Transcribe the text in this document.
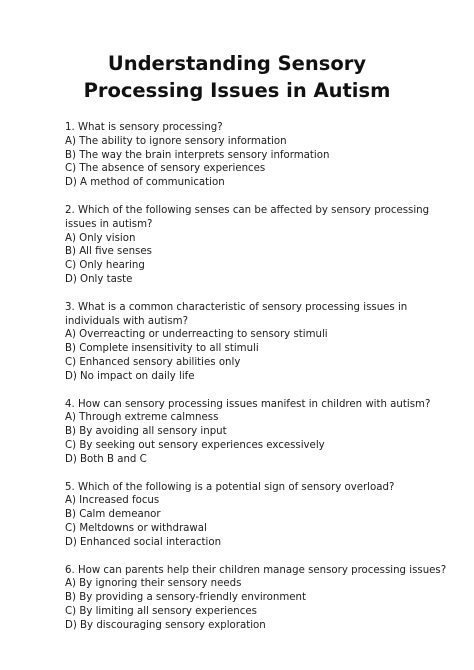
Understanding Sensory
Processing Issues in Autism
1. What is sensory processing?
A) The ability to ignore sensory information
B) The way the brain interprets sensory information
C) The absence of sensory experiences
D) A method of communication
2. Which of the following senses can be affected by sensory processing
issues in autism?
A) Only vision
B) All five senses
C) Only hearing
D) Only taste
3. What is a common characteristic of sensory processing issues in
individuals with autism?
A) Overreacting or underreacting to sensory stimuli
B) Complete insensitivity to all stimuli
C) Enhanced sensory abilities only
D) No impact on daily life
4. How can sensory processing issues manifest in children with autism?
A) Through extreme calmness
B) By avoiding all sensory input
C) By seeking out sensory experiences excessively
D) Both B and C
5. Which of the following is a potential sign of sensory overload?
A) Increased focus
B) Calm demeanor
C) Meltdowns or withdrawal
D) Enhanced social interaction
6. How can parents help their children manage sensory processing issues?
A) By ignoring their sensory needs
B) By providing a sensory-friendly environment
C) By limiting all sensory experiences
D) By discouraging sensory exploration
